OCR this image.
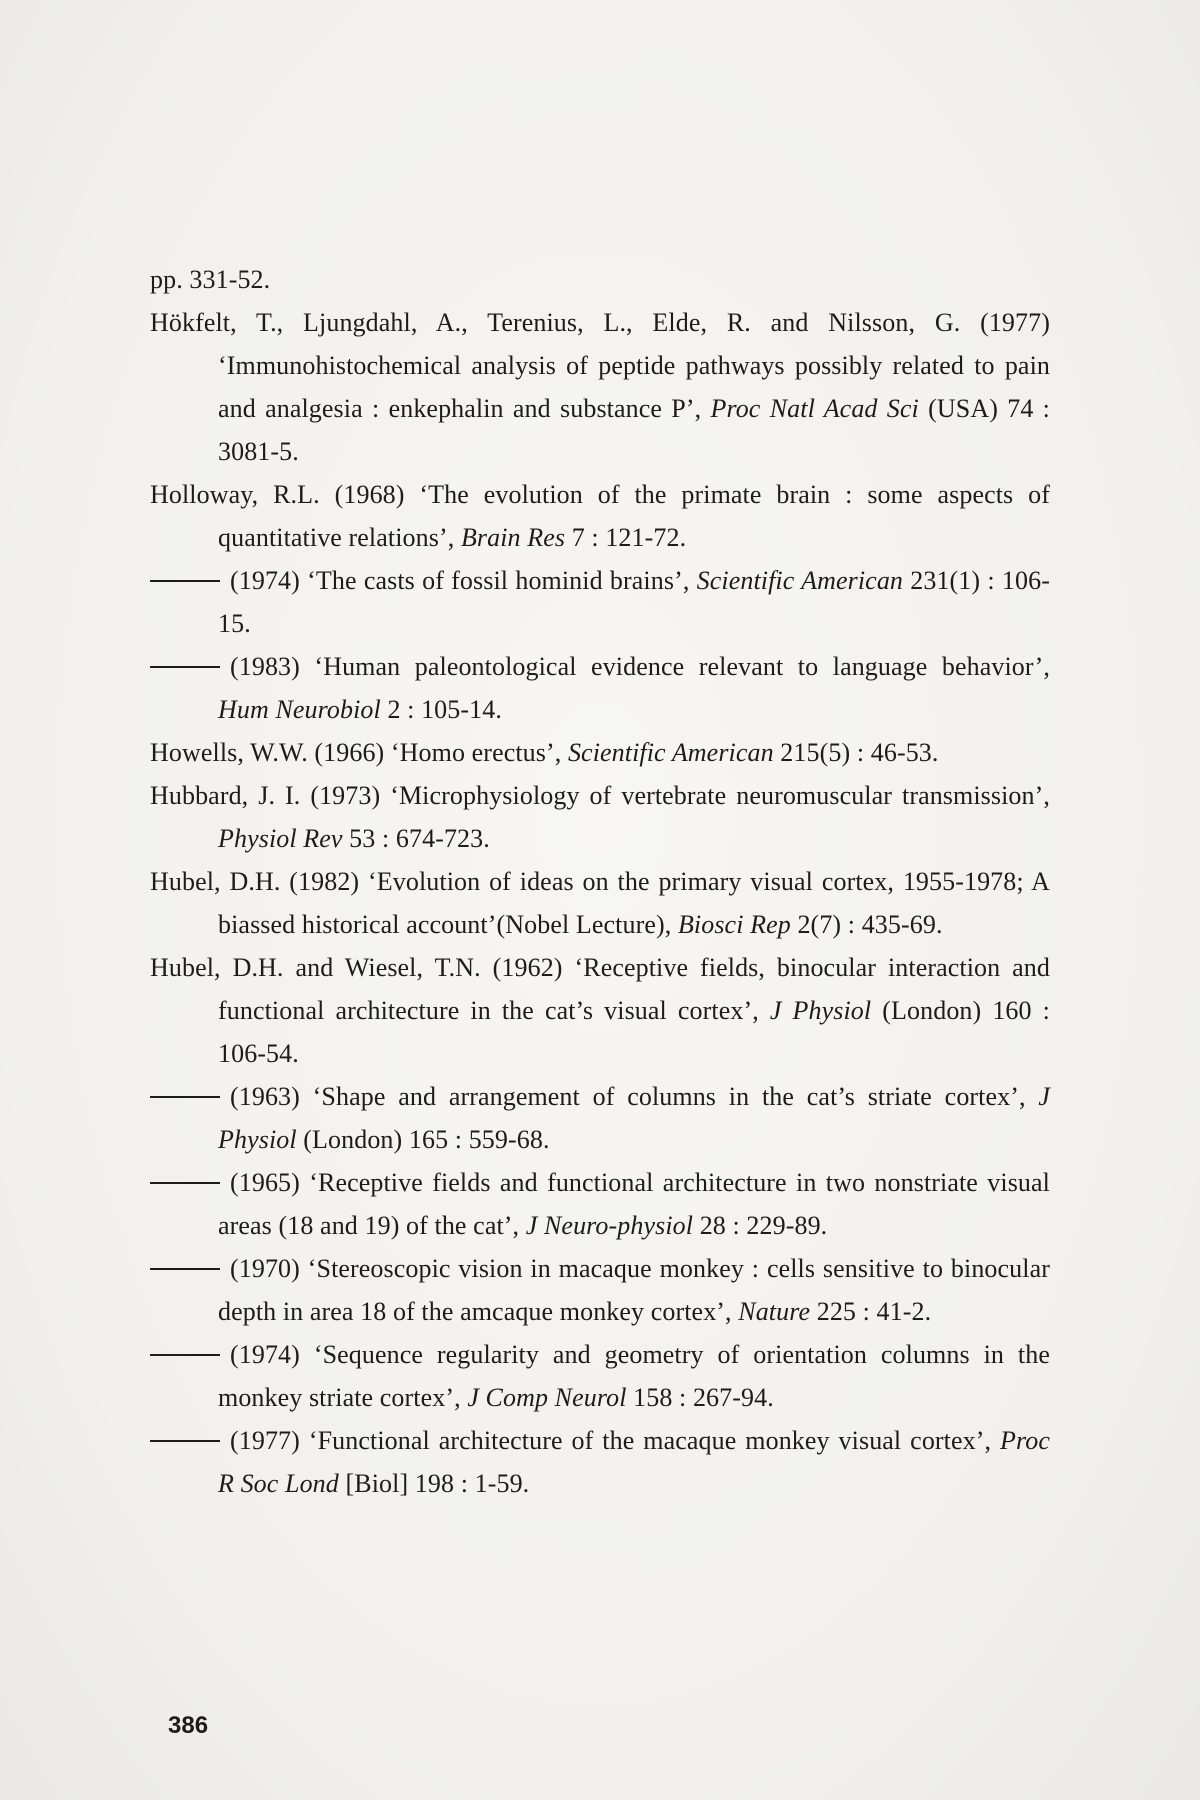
pp. 331-52.

Hökfelt, T., Ljungdahl, A., Terenius, L., Elde, R. and Nilsson, G. (1977) ‘Immunohistochemical analysis of peptide pathways possibly related to pain and analgesia : enkephalin and substance P’, Proc Natl Acad Sci (USA) 74 : 3081-5.

Holloway, R.L. (1968) ‘The evolution of the primate brain : some aspects of quantitative relations’, Brain Res 7 : 121-72.

(1974) ‘The casts of fossil hominid brains’, Scientific American 231(1) : 106-15.

(1983) ‘Human paleontological evidence relevant to language behavior’, Hum Neurobiol 2 : 105-14.

Howells, W.W. (1966) ‘Homo erectus’, Scientific American 215(5) : 46-53.

Hubbard, J. I. (1973) ‘Microphysiology of vertebrate neuromuscular transmission’, Physiol Rev 53 : 674-723.

Hubel, D.H. (1982) ‘Evolution of ideas on the primary visual cortex, 1955-1978; A biassed historical account’(Nobel Lecture), Biosci Rep 2(7) : 435-69.

Hubel, D.H. and Wiesel, T.N. (1962) ‘Receptive fields, binocular interaction and functional architecture in the cat’s visual cortex’, J Physiol (London) 160 : 106-54.

(1963) ‘Shape and arrangement of columns in the cat’s striate cortex’, J Physiol (London) 165 : 559-68.

(1965) ‘Receptive fields and functional architecture in two nonstriate visual areas (18 and 19) of the cat’, J Neuro-physiol 28 : 229-89.

(1970) ‘Stereoscopic vision in macaque monkey : cells sensitive to binocular depth in area 18 of the amcaque monkey cortex’, Nature 225 : 41-2.

(1974) ‘Sequence regularity and geometry of orientation columns in the monkey striate cortex’, J Comp Neurol 158 : 267-94.

(1977) ‘Functional architecture of the macaque monkey visual cortex’, Proc R Soc Lond [Biol] 198 : 1-59.

386
